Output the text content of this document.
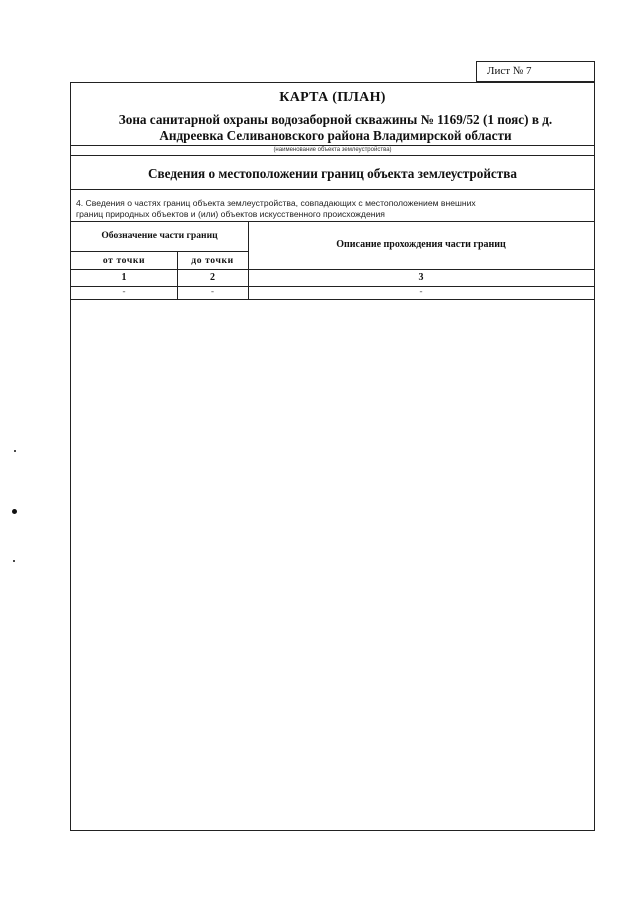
Лист № 7
КАРТА (ПЛАН)
Зона санитарной охраны водозаборной скважины № 1169/52 (1 пояс) в д.
Андреевка Селивановского района Владимирской области
(наименование объекта землеустройства)
Сведения о местоположении границ объекта землеустройства
4. Сведения о частях границ объекта землеустройства, совпадающих с местоположением внешних
границ природных объектов и (или) объектов искусственного происхождения
Обозначение части границ
Описание прохождения части границ
от точки	до точки
1	2	3
-	-	-
